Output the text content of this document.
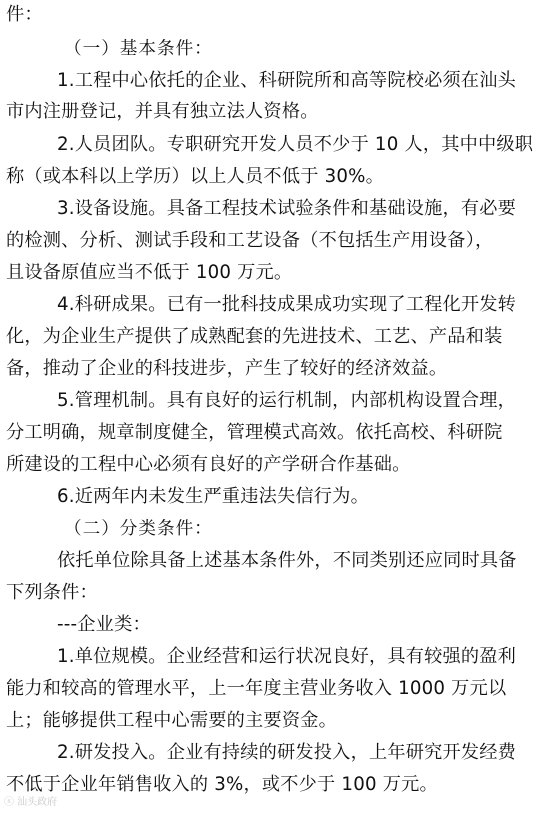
件：
（一）基本条件：
1.工程中心依托的企业、科研院所和高等院校必须在汕头
市内注册登记，并具有独立法人资格。
2.人员团队。专职研究开发人员不少于 10 人，其中中级职
称（或本科以上学历）以上人员不低于 30%。
3.设备设施。具备工程技术试验条件和基础设施，有必要
的检测、分析、测试手段和工艺设备（不包括生产用设备），
且设备原值应当不低于 100 万元。
4.科研成果。已有一批科技成果成功实现了工程化开发转
化，为企业生产提供了成熟配套的先进技术、工艺、产品和装
备，推动了企业的科技进步，产生了较好的经济效益。
5.管理机制。具有良好的运行机制，内部机构设置合理，
分工明确，规章制度健全，管理模式高效。依托高校、科研院
所建设的工程中心必须有良好的产学研合作基础。
6.近两年内未发生严重违法失信行为。
（二）分类条件：
依托单位除具备上述基本条件外，不同类别还应同时具备
下列条件：
---企业类：
1.单位规模。企业经营和运行状况良好，具有较强的盈利
能力和较高的管理水平，上一年度主营业务收入 1000 万元以
上；能够提供工程中心需要的主要资金。
2.研发投入。企业有持续的研发投入，上年研究开发经费
不低于企业年销售收入的 3%，或不少于 100 万元。
ⓢ 汕头政府
